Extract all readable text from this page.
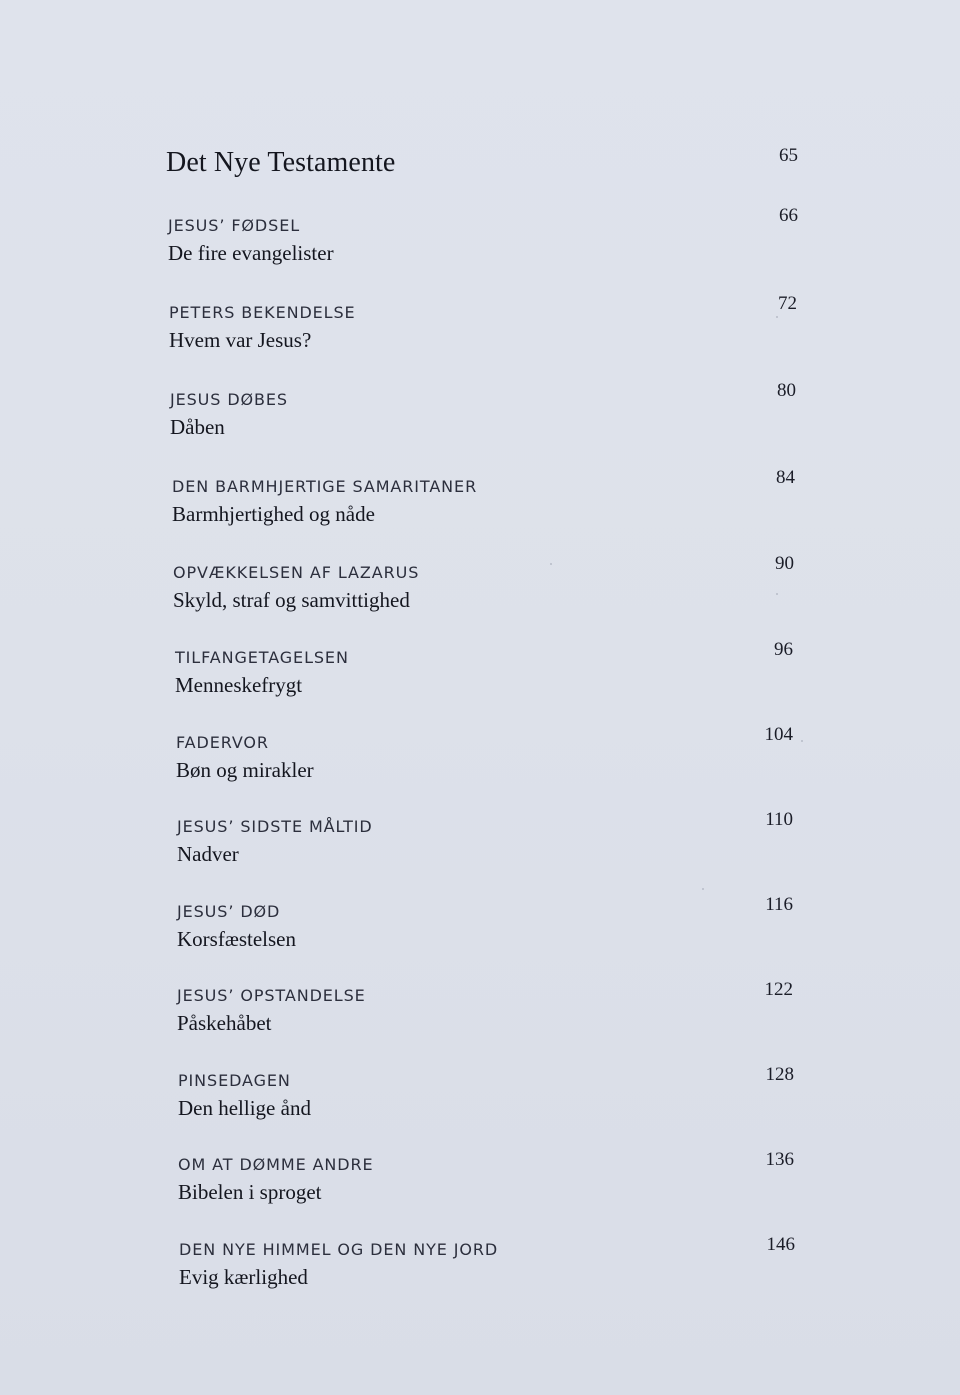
Det Nye Testamente	65
JESUS’ FØDSEL
De fire evangelister
66
PETERS BEKENDELSE
Hvem var Jesus?
72
JESUS DØBES
Dåben
80
DEN BARMHJERTIGE SAMARITANER
Barmhjertighed og nåde
84
OPVÆKKELSEN AF LAZARUS
Skyld, straf og samvittighed
90
TILFANGETAGELSEN
Menneskefrygt
96
FADERVOR
Bøn og mirakler
104
JESUS’ SIDSTE MÅLTID
Nadver
110
JESUS’ DØD
Korsfæstelsen
116
JESUS’ OPSTANDELSE
Påskehåbet
122
PINSEDAGEN
Den hellige ånd
128
OM AT DØMME ANDRE
Bibelen i sproget
136
DEN NYE HIMMEL OG DEN NYE JORD
Evig kærlighed
146
